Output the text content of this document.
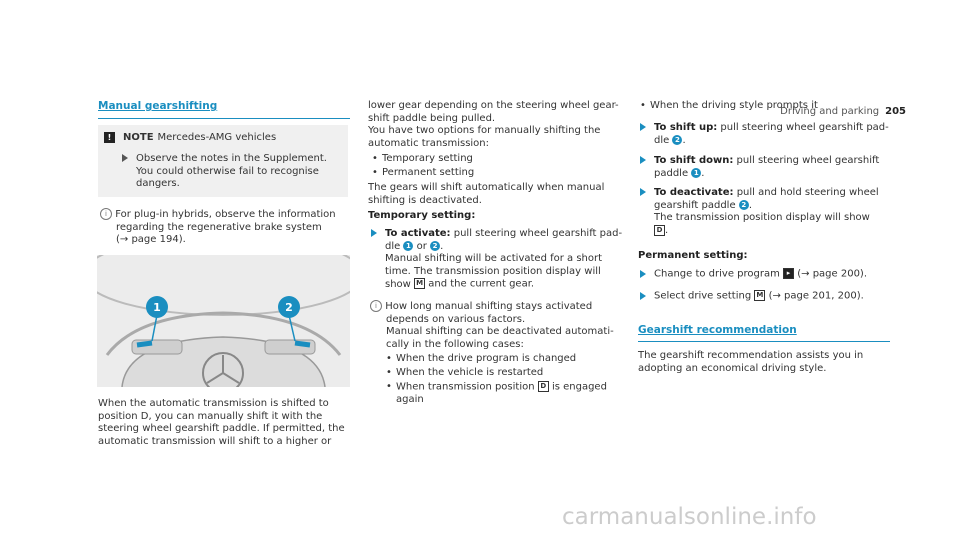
Driving and parking 205
Manual gearshifting
! NOTE Mercedes-AMG vehicles
Observe the notes in the Supplement.
You could otherwise fail to recognise
dangers.
i For plug-in hybrids, observe the information
regarding the regenerative brake system
(→ page 194).
1	2
When the automatic transmission is shifted to
position D, you can manually shift it with the
steering wheel gearshift paddle. If permitted, the
automatic transmission will shift to a higher or
lower gear depending on the steering wheel gear-
shift paddle being pulled.
You have two options for manually shifting the
automatic transmission:
• Temporary setting
• Permanent setting
The gears will shift automatically when manual
shifting is deactivated.
Temporary setting:
To activate: pull steering wheel gearshift pad-
dle 1 or 2 .
Manual shifting will be activated for a short
time. The transmission position display will
show M and the current gear.
i How long manual shifting stays activated
depends on various factors.
Manual shifting can be deactivated automati-
cally in the following cases:
• When the drive program is changed
• When the vehicle is restarted
• When transmission position D is engaged
again
• When the driving style prompts it
To shift up: pull steering wheel gearshift pad-
dle 2 .
To shift down: pull steering wheel gearshift
paddle 1 .
To deactivate: pull and hold steering wheel
gearshift paddle 2 .
The transmission position display will show
D .
Permanent setting:
Change to drive program ▸ (→ page 200).
Select drive setting M (→ page 201, 200).
Gearshift recommendation
The gearshift recommendation assists you in
adopting an economical driving style.
carmanualsonline.info
